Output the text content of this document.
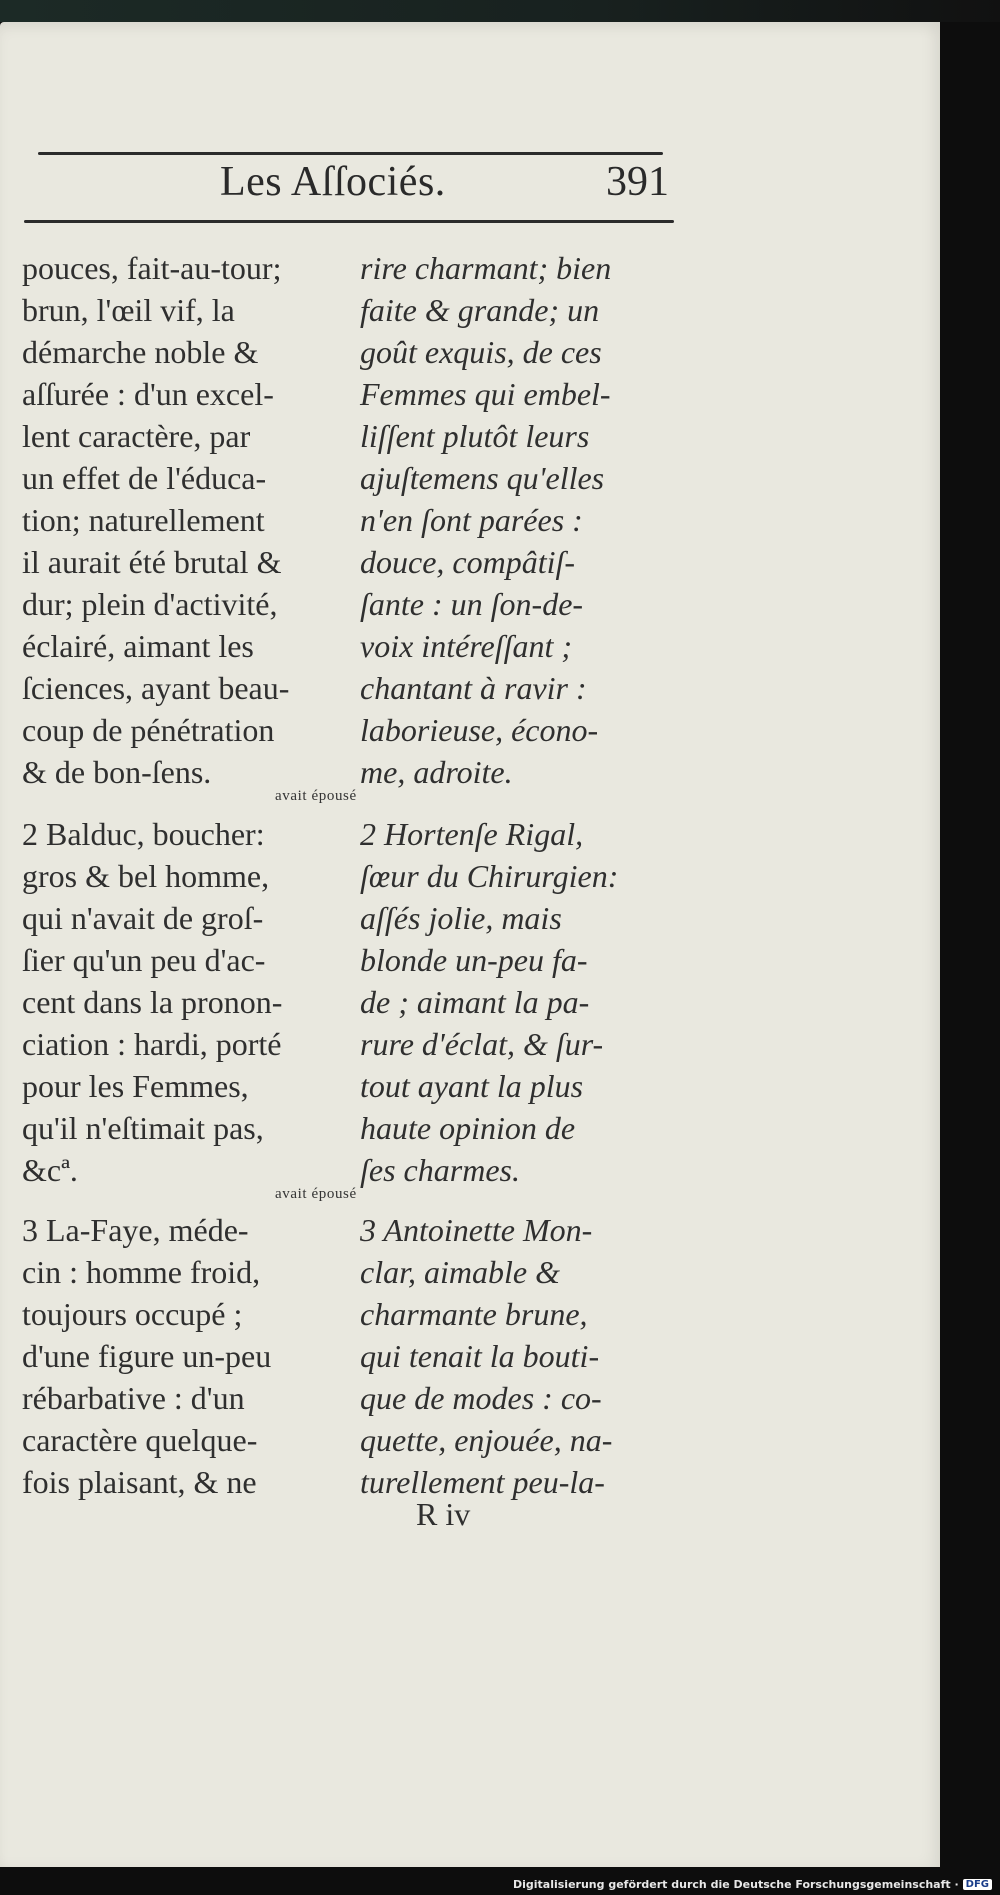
Les Aſſociés.	391
pouces, fait-au-tour;
brun, l'œil vif, la
démarche noble &
aſſurée : d'un excel-
lent caractère, par
un effet de l'éduca-
tion; naturellement
il aurait été brutal &
dur; plein d'activité,
éclairé, aimant les
ſciences, ayant beau-
coup de pénétration
& de bon-ſens.
rire charmant; bien
faite & grande; un
goût exquis, de ces
Femmes qui embel-
liſſent plutôt leurs
ajuſtemens qu'elles
n'en ſont parées :
douce, compâtiſ-
ſante : un ſon-de-
voix intéreſſant ;
chantant à ravir :
laborieuse, écono-
me, adroite.
avait épousé
2 Balduc, boucher:
gros & bel homme,
qui n'avait de groſ-
ſier qu'un peu d'ac-
cent dans la pronon-
ciation : hardi, porté
pour les Femmes,
qu'il n'eſtimait pas,
&cª.
2 Hortenſe Rigal,
ſœur du Chirurgien:
aſſés jolie, mais
blonde un-peu fa-
de ; aimant la pa-
rure d'éclat, & ſur-
tout ayant la plus
haute opinion de
ſes charmes.
avait épousé
3 La-Faye, méde-
cin : homme froid,
toujours occupé ;
d'une figure un-peu
rébarbative : d'un
caractère quelque-
fois plaisant, & ne
3 Antoinette Mon-
clar, aimable &
charmante brune,
qui tenait la bouti-
que de modes : co-
quette, enjouée, na-
turellement peu-la-
R iv
Digitalisierung gefördert durch die Deutsche Forschungsgemeinschaft · DFG
